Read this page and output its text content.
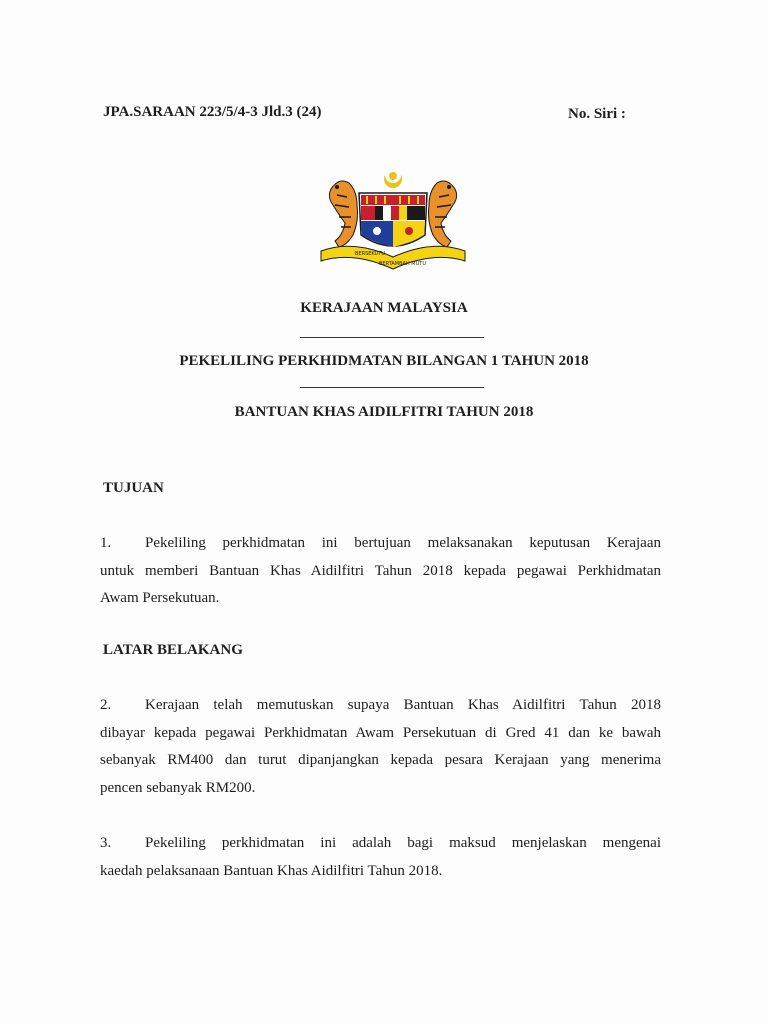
JPA.SARAAN 223/5/4-3 Jld.3 (24)	No. Siri :
BERSEKUTU
BERTAMBAH MUTU
KERAJAAN MALAYSIA
PEKELILING PERKHIDMATAN BILANGAN 1 TAHUN 2018
BANTUAN KHAS AIDILFITRI TAHUN 2018
TUJUAN
1. Pekeliling perkhidmatan ini bertujuan melaksanakan keputusan Kerajaan
untuk memberi Bantuan Khas Aidilfitri Tahun 2018 kepada pegawai Perkhidmatan
Awam Persekutuan.
LATAR BELAKANG
2. Kerajaan telah memutuskan supaya Bantuan Khas Aidilfitri Tahun 2018
dibayar kepada pegawai Perkhidmatan Awam Persekutuan di Gred 41 dan ke bawah
sebanyak RM400 dan turut dipanjangkan kepada pesara Kerajaan yang menerima
pencen sebanyak RM200.
3. Pekeliling perkhidmatan ini adalah bagi maksud menjelaskan mengenai
kaedah pelaksanaan Bantuan Khas Aidilfitri Tahun 2018.
